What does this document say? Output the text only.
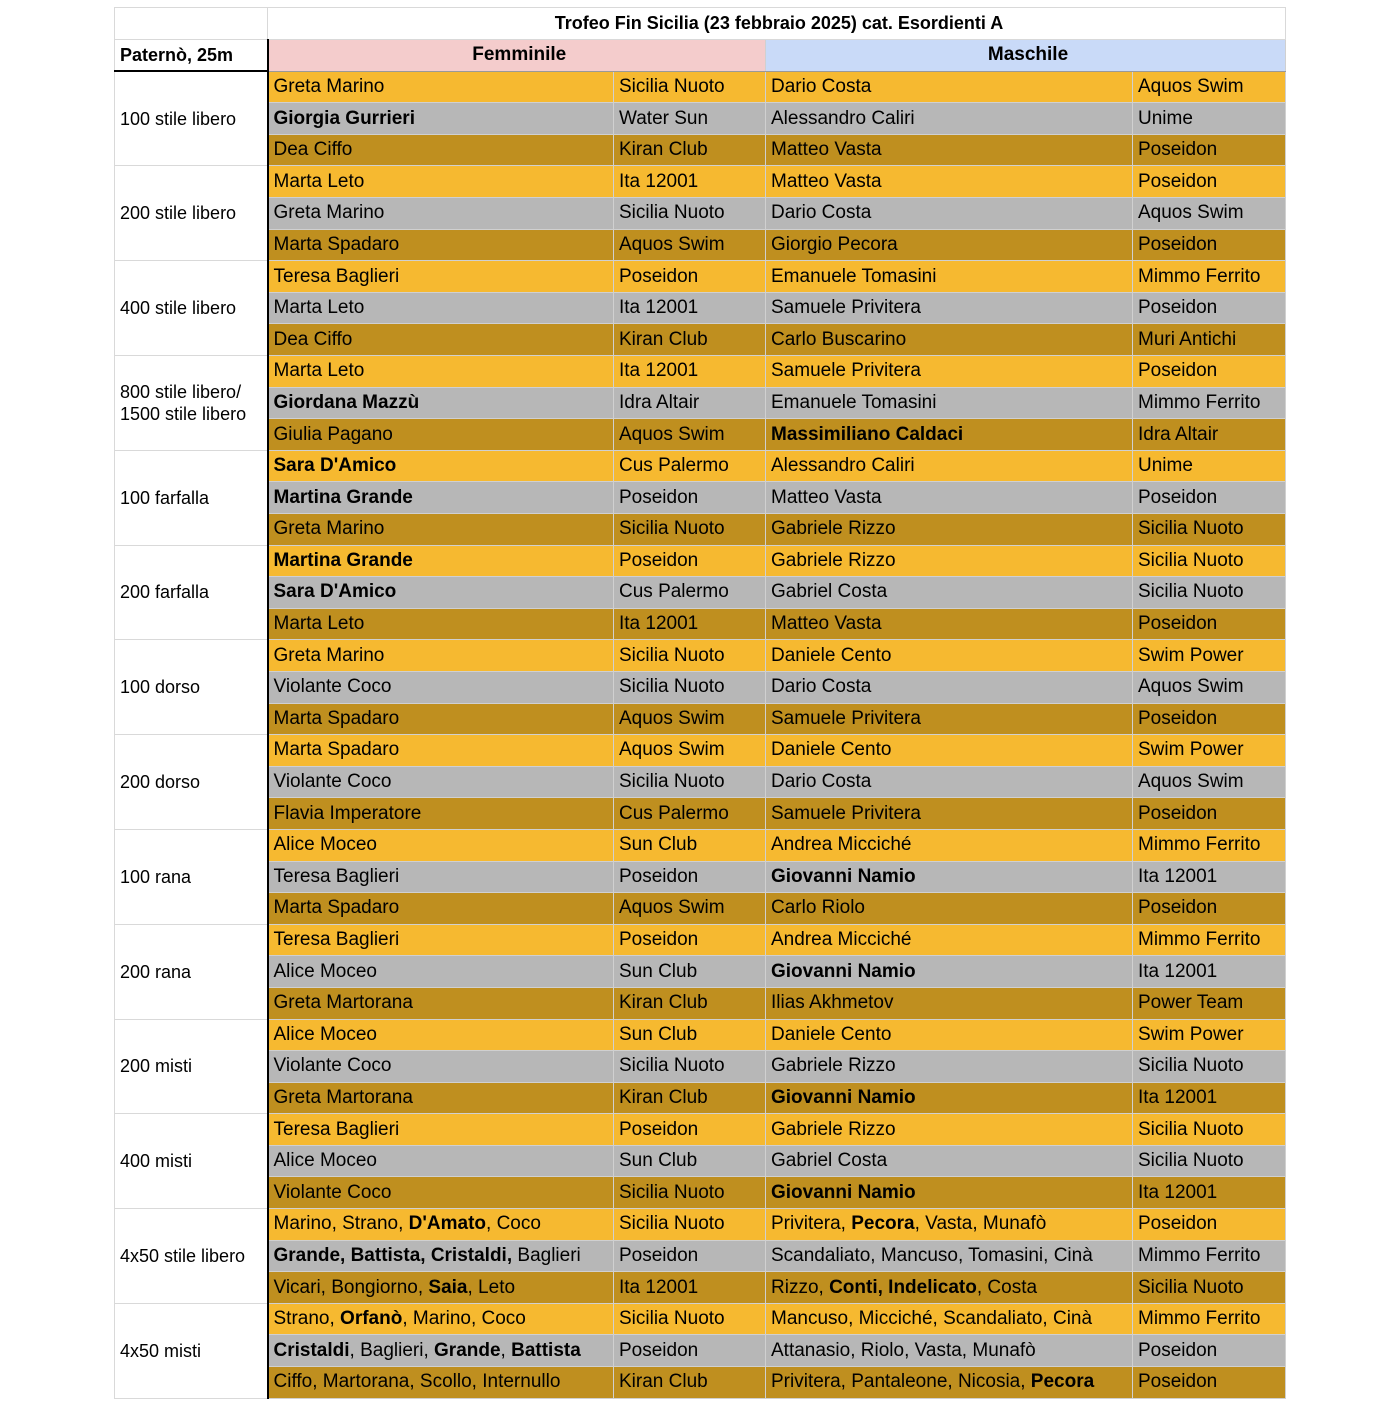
	Trofeo Fin Sicilia (23 febbraio 2025) cat. Esordienti A			
Paternò, 25m	Femminile		Maschile	
100 stile libero	Greta Marino	Sicilia Nuoto	Dario Costa	Aquos Swim
	Giorgia Gurrieri	Water Sun	Alessandro Caliri	Unime
	Dea Ciffo	Kiran Club	Matteo Vasta	Poseidon
200 stile libero	Marta Leto	Ita 12001	Matteo Vasta	Poseidon
	Greta Marino	Sicilia Nuoto	Dario Costa	Aquos Swim
	Marta Spadaro	Aquos Swim	Giorgio Pecora	Poseidon
400 stile libero	Teresa Baglieri	Poseidon	Emanuele Tomasini	Mimmo Ferrito
	Marta Leto	Ita 12001	Samuele Privitera	Poseidon
	Dea Ciffo	Kiran Club	Carlo Buscarino	Muri Antichi
800 stile libero/ 1500 stile libero	Marta Leto	Ita 12001	Samuele Privitera	Poseidon
	Giordana Mazzù	Idra Altair	Emanuele Tomasini	Mimmo Ferrito
	Giulia Pagano	Aquos Swim	Massimiliano Caldaci	Idra Altair
100 farfalla	Sara D'Amico	Cus Palermo	Alessandro Caliri	Unime
	Martina Grande	Poseidon	Matteo Vasta	Poseidon
	Greta Marino	Sicilia Nuoto	Gabriele Rizzo	Sicilia Nuoto
200 farfalla	Martina Grande	Poseidon	Gabriele Rizzo	Sicilia Nuoto
	Sara D'Amico	Cus Palermo	Gabriel Costa	Sicilia Nuoto
	Marta Leto	Ita 12001	Matteo Vasta	Poseidon
100 dorso	Greta Marino	Sicilia Nuoto	Daniele Cento	Swim Power
	Violante Coco	Sicilia Nuoto	Dario Costa	Aquos Swim
	Marta Spadaro	Aquos Swim	Samuele Privitera	Poseidon
200 dorso	Marta Spadaro	Aquos Swim	Daniele Cento	Swim Power
	Violante Coco	Sicilia Nuoto	Dario Costa	Aquos Swim
	Flavia Imperatore	Cus Palermo	Samuele Privitera	Poseidon
100 rana	Alice Moceo	Sun Club	Andrea Micciché	Mimmo Ferrito
	Teresa Baglieri	Poseidon	Giovanni Namio	Ita 12001
	Marta Spadaro	Aquos Swim	Carlo Riolo	Poseidon
200 rana	Teresa Baglieri	Poseidon	Andrea Micciché	Mimmo Ferrito
	Alice Moceo	Sun Club	Giovanni Namio	Ita 12001
	Greta Martorana	Kiran Club	Ilias Akhmetov	Power Team
200 misti	Alice Moceo	Sun Club	Daniele Cento	Swim Power
	Violante Coco	Sicilia Nuoto	Gabriele Rizzo	Sicilia Nuoto
	Greta Martorana	Kiran Club	Giovanni Namio	Ita 12001
400 misti	Teresa Baglieri	Poseidon	Gabriele Rizzo	Sicilia Nuoto
	Alice Moceo	Sun Club	Gabriel Costa	Sicilia Nuoto
	Violante Coco	Sicilia Nuoto	Giovanni Namio	Ita 12001
4x50 stile libero	Marino, Strano, D'Amato, Coco	Sicilia Nuoto	Privitera, Pecora, Vasta, Munafò	Poseidon
	Grande, Battista, Cristaldi, Baglieri	Poseidon	Scandaliato, Mancuso, Tomasini, Cinà	Mimmo Ferrito
	Vicari, Bongiorno, Saia, Leto	Ita 12001	Rizzo, Conti, Indelicato, Costa	Sicilia Nuoto
4x50 misti	Strano, Orfanò, Marino, Coco	Sicilia Nuoto	Mancuso, Micciché, Scandaliato, Cinà	Mimmo Ferrito
	Cristaldi, Baglieri, Grande, Battista	Poseidon	Attanasio, Riolo, Vasta, Munafò	Poseidon
	Ciffo, Martorana, Scollo, Internullo	Kiran Club	Privitera, Pantaleone, Nicosia, Pecora	Poseidon
